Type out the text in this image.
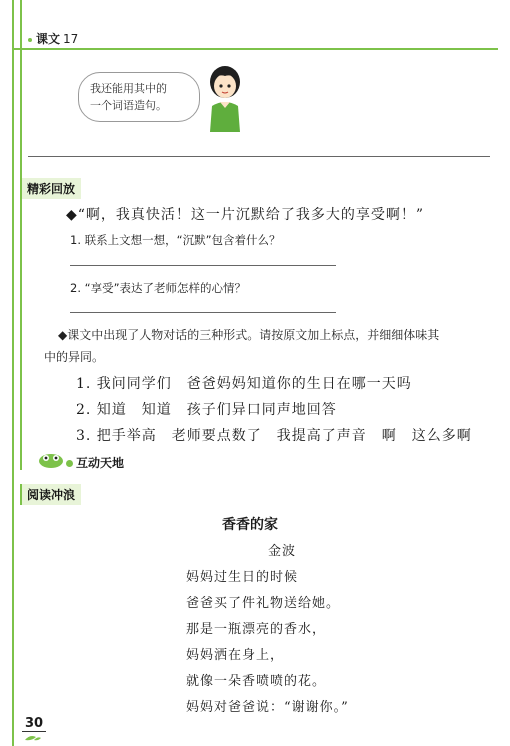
课文 17
我还能用其中的
一个词语造句。
精彩回放
◆“啊，我真快活！这一片沉默给了我多大的享受啊！”
1. 联系上文想一想，“沉默”包含着什么？
2. “享受”表达了老师怎样的心情？
◆课文中出现了人物对话的三种形式。请按原文加上标点，并细细体味其
中的异同。
1. 我问同学们　爸爸妈妈知道你的生日在哪一天吗
2. 知道　知道　孩子们异口同声地回答
3. 把手举高　老师要点数了　我提高了声音　啊　这么多啊
互动天地
阅读冲浪
香香的家
金波
妈妈过生日的时候
爸爸买了件礼物送给她。
那是一瓶漂亮的香水，
妈妈洒在身上，
就像一朵香喷喷的花。
妈妈对爸爸说：“谢谢你。”
30
